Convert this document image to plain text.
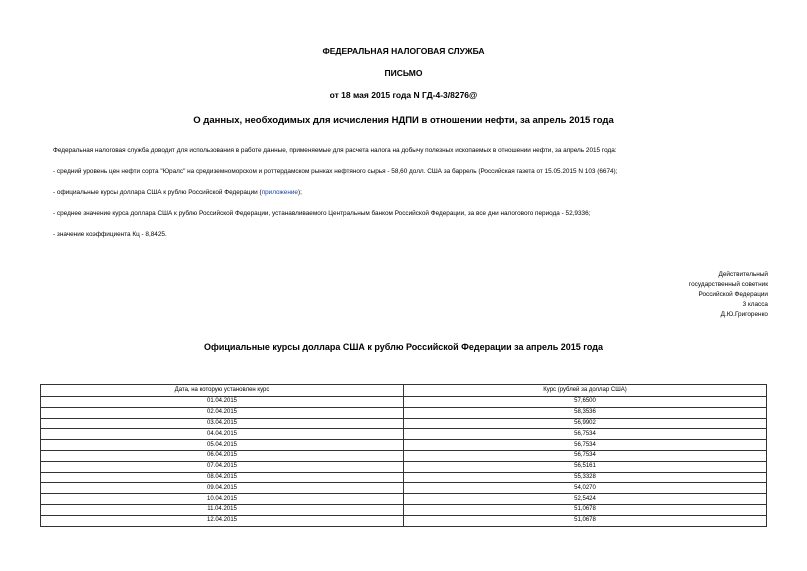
ФЕДЕРАЛЬНАЯ НАЛОГОВАЯ СЛУЖБА
ПИСЬМО
от 18 мая 2015 года N ГД-4-3/8276@
О данных, необходимых для исчисления НДПИ в отношении нефти, за апрель 2015 года
Федеральная налоговая служба доводит для использования в работе данные, применяемые для расчета налога на добычу полезных ископаемых в отношении нефти, за апрель 2015 года:
- средний уровень цен нефти сорта "Юралс" на средиземноморском и роттердамском рынках нефтяного сырья - 58,60 долл. США за баррель (Российская газета от 15.05.2015 N 103 (6674);
- официальные курсы доллара США к рублю Российской Федерации (приложение);
- среднее значение курса доллара США к рублю Российской Федерации, устанавливаемого Центральным банком Российской Федерации, за все дни налогового периода - 52,9336;
- значение коэффициента Кц - 8,8425.
Действительный
государственный советник
Российской Федерации
3 класса
Д.Ю.Григоренко
Официальные курсы доллара США к рублю Российской Федерации за апрель 2015 года
Дата, на которую установлен курс	Курс (рублей за доллар США)
01.04.2015	57,6500
02.04.2015	58,3536
03.04.2015	56,9902
04.04.2015	56,7534
05.04.2015	56,7534
06.04.2015	56,7534
07.04.2015	56,5161
08.04.2015	55,3328
09.04.2015	54,0270
10.04.2015	52,5424
11.04.2015	51,0678
12.04.2015	51,0678
